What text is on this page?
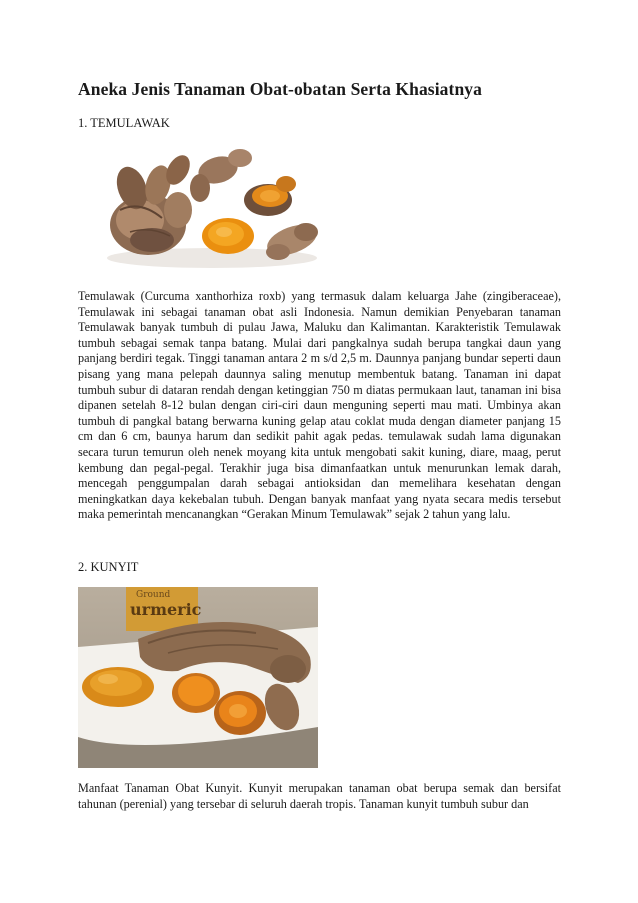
Aneka Jenis Tanaman Obat-obatan Serta Khasiatnya
1. TEMULAWAK

Temulawak (Curcuma xanthorhiza roxb) yang termasuk dalam keluarga Jahe (zingiberaceae), Temulawak ini sebagai tanaman obat asli Indonesia. Namun demikian Penyebaran tanaman Temulawak banyak tumbuh di pulau Jawa, Maluku dan Kalimantan. Karakteristik Temulawak tumbuh sebagai semak tanpa batang. Mulai dari pangkalnya sudah berupa tangkai daun yang panjang berdiri tegak. Tinggi tanaman antara 2 m s/d 2,5 m. Daunnya panjang bundar seperti daun pisang yang mana pelepah daunnya saling menutup membentuk batang. Tanaman ini dapat tumbuh subur di dataran rendah dengan ketinggian 750 m diatas permukaan laut, tanaman ini bisa dipanen setelah 8-12 bulan dengan ciri-ciri daun menguning seperti mau mati. Umbinya akan tumbuh di pangkal batang berwarna kuning gelap atau coklat muda dengan diameter panjang 15 cm dan 6 cm, baunya harum dan sedikit pahit agak pedas. temulawak sudah lama digunakan secara turun temurun oleh nenek moyang kita untuk mengobati sakit kuning, diare, maag, perut kembung dan pegal-pegal. Terakhir juga bisa dimanfaatkan untuk menurunkan lemak darah, mencegah penggumpalan darah sebagai antioksidan dan memelihara kesehatan dengan meningkatkan daya kekebalan tubuh. Dengan banyak manfaat yang nyata secara medis tersebut maka pemerintah mencanangkan “Gerakan Minum Temulawak” sejak 2 tahun yang lalu.

2. KUNYIT
Ground
urmeric

Manfaat Tanaman Obat Kunyit. Kunyit merupakan tanaman obat berupa semak dan bersifat tahunan (perenial) yang tersebar di seluruh daerah tropis. Tanaman kunyit tumbuh subur dan
